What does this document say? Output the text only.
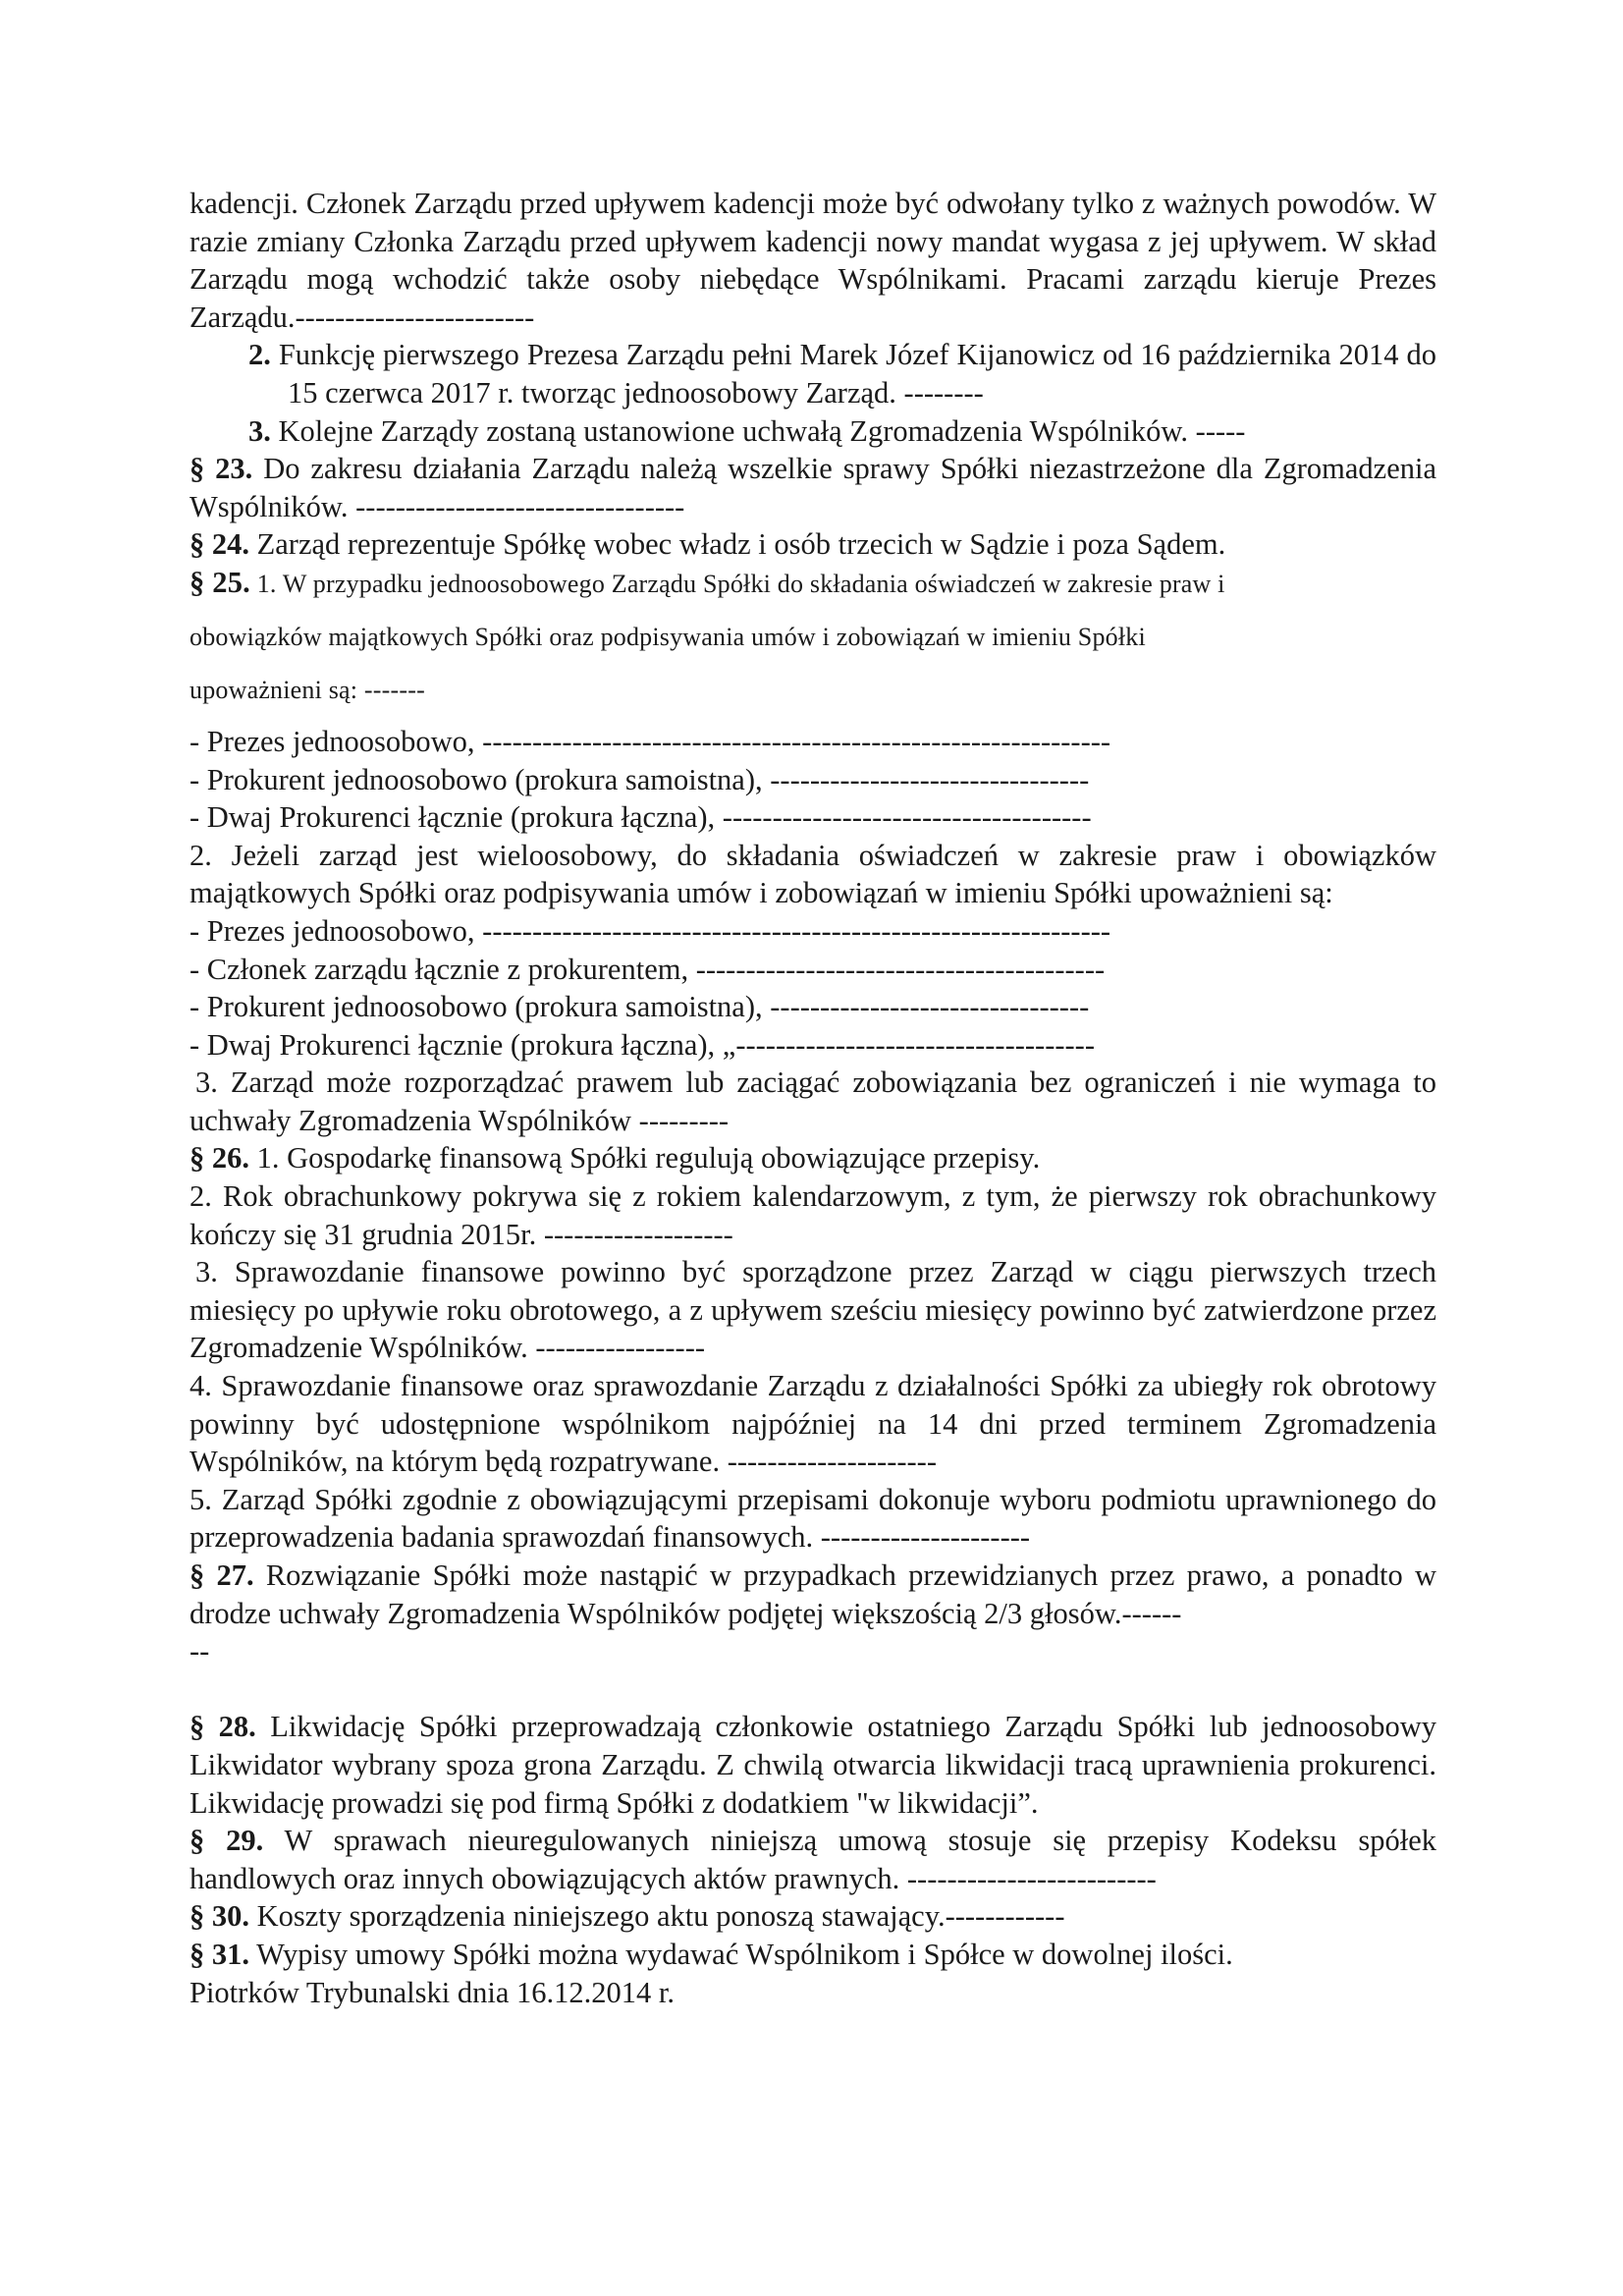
kadencji. Członek Zarządu przed upływem kadencji może być odwołany tylko z ważnych powodów. W razie zmiany Członka Zarządu przed upływem kadencji nowy mandat wygasa z jej upływem. W skład Zarządu mogą wchodzić także osoby niebędące Wspólnikami. Pracami zarządu kieruje Prezes Zarządu.------------------------

2. Funkcję pierwszego Prezesa Zarządu pełni Marek Józef Kijanowicz od 16 października 2014 do 15 czerwca 2017 r. tworząc jednoosobowy Zarząd. --------

3. Kolejne Zarządy zostaną ustanowione uchwałą Zgromadzenia Wspólników. -----

§ 23. Do zakresu działania Zarządu należą wszelkie sprawy Spółki niezastrzeżone dla Zgromadzenia Wspólników. ---------------------------------

§ 24. Zarząd reprezentuje Spółkę wobec władz i osób trzecich w Sądzie i poza Sądem.

§ 25. 1. W przypadku jednoosobowego Zarządu Spółki do składania oświadczeń w zakresie praw i

obowiązków majątkowych Spółki oraz podpisywania umów i zobowiązań w imieniu Spółki

upoważnieni są: -------

- Prezes jednoosobowo, ---------------------------------------------------------------

- Prokurent jednoosobowo (prokura samoistna), --------------------------------

- Dwaj Prokurenci łącznie (prokura łączna), -------------------------------------

2. Jeżeli zarząd jest wieloosobowy, do składania oświadczeń w zakresie praw i obowiązków majątkowych Spółki oraz podpisywania umów i zobowiązań w imieniu Spółki upoważnieni są:

- Prezes jednoosobowo, ---------------------------------------------------------------

- Członek zarządu łącznie z prokurentem, -----------------------------------------

- Prokurent jednoosobowo (prokura samoistna), --------------------------------

- Dwaj Prokurenci łącznie (prokura łączna), „------------------------------------

3. Zarząd może rozporządzać prawem lub zaciągać zobowiązania bez ograniczeń i nie wymaga to uchwały Zgromadzenia Wspólników ---------

§ 26. 1. Gospodarkę finansową Spółki regulują obowiązujące przepisy.

2. Rok obrachunkowy pokrywa się z rokiem kalendarzowym, z tym, że pierwszy rok obrachunkowy kończy się 31 grudnia 2015r. -------------------

3. Sprawozdanie finansowe powinno być sporządzone przez Zarząd w ciągu pierwszych trzech miesięcy po upływie roku obrotowego, a z upływem sześciu miesięcy powinno być zatwierdzone przez Zgromadzenie Wspólników. -----------------

4. Sprawozdanie finansowe oraz sprawozdanie Zarządu z działalności Spółki za ubiegły rok obrotowy powinny być udostępnione wspólnikom najpóźniej na 14 dni przed terminem Zgromadzenia Wspólników, na którym będą rozpatrywane. ---------------------

5. Zarząd Spółki zgodnie z obowiązującymi przepisami dokonuje wyboru podmiotu uprawnionego do przeprowadzenia badania sprawozdań finansowych. ---------------------

§ 27. Rozwiązanie Spółki może nastąpić w przypadkach przewidzianych przez prawo, a ponadto w drodze uchwały Zgromadzenia Wspólników podjętej większością 2/3 głosów.------

--

§ 28. Likwidację Spółki przeprowadzają członkowie ostatniego Zarządu Spółki lub jednoosobowy Likwidator wybrany spoza grona Zarządu. Z chwilą otwarcia likwidacji tracą uprawnienia prokurenci. Likwidację prowadzi się pod firmą Spółki z dodatkiem "w likwidacji”.

§ 29. W sprawach nieuregulowanych niniejszą umową stosuje się przepisy Kodeksu spółek handlowych oraz innych obowiązujących aktów prawnych. -------------------------

§ 30. Koszty sporządzenia niniejszego aktu ponoszą stawający.------------

§ 31. Wypisy umowy Spółki można wydawać Wspólnikom i Spółce w dowolnej ilości.

Piotrków Trybunalski dnia 16.12.2014 r.
